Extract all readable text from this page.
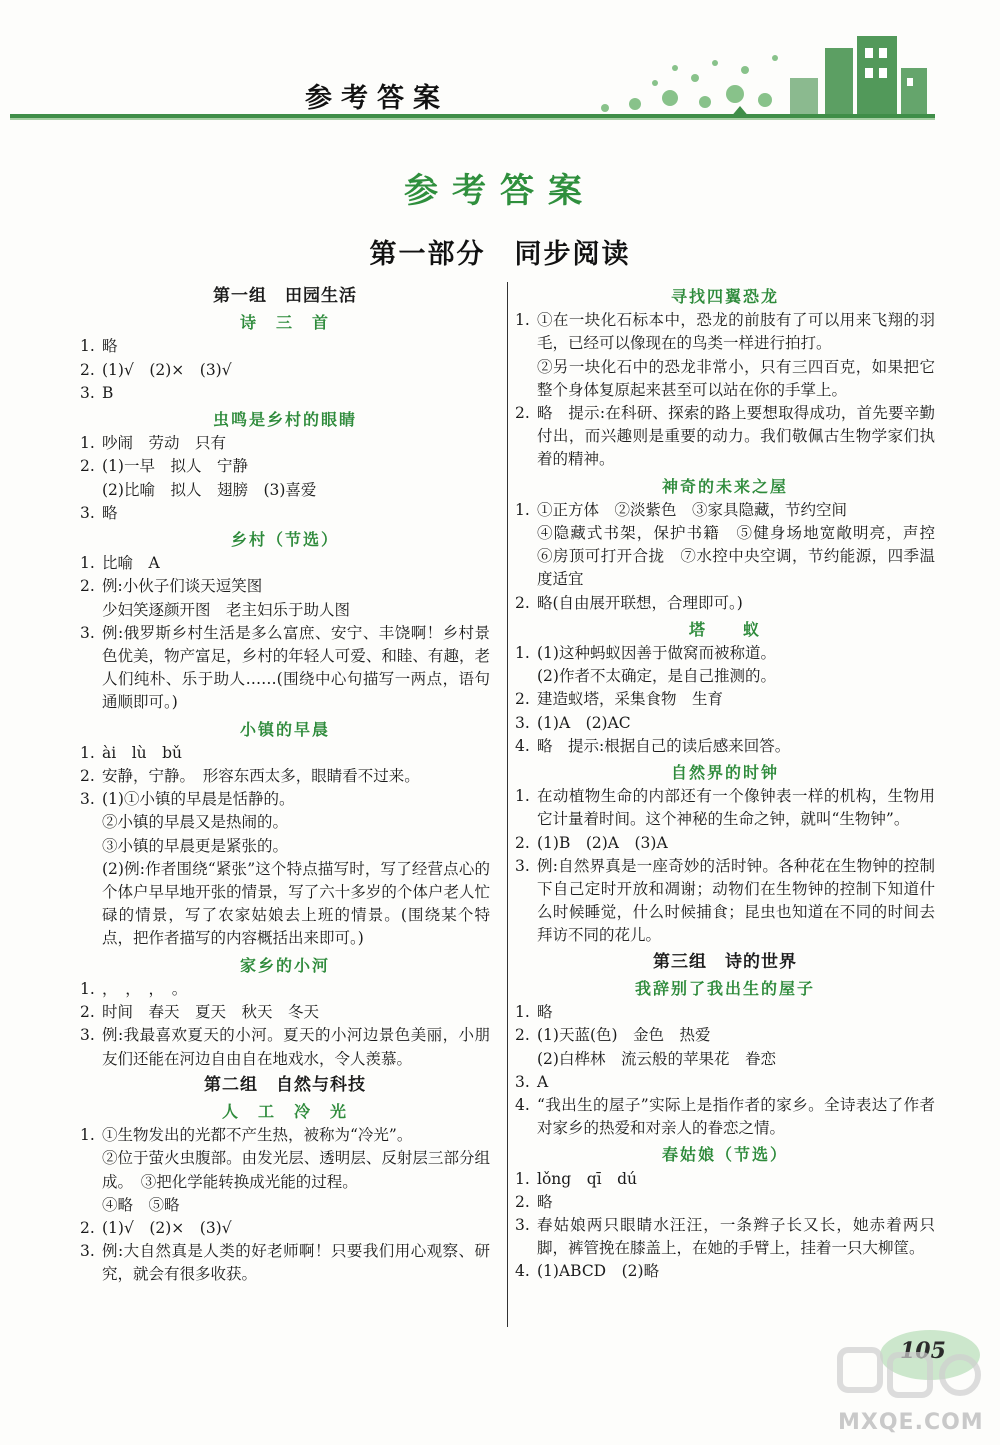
参考答案
参考答案
第一部分　同步阅读
第一组　田园生活
诗　三　首
1. 略
2. (1)√　(2)×　(3)√
3. B
虫鸣是乡村的眼睛
1. 吵闹　劳动　只有
2. (1)一早　拟人　宁静
(2)比喻　拟人　翅膀　(3)喜爱
3. 略
乡村（节选）
1. 比喻　A
2. 例:小伙子们谈天逗笑图
少妇笑逐颜开图　老主妇乐于助人图
3. 例:俄罗斯乡村生活是多么富庶、安宁、丰饶啊！乡村景色优美，物产富足，乡村的年轻人可爱、和睦、有趣，老人们纯朴、乐于助人……(围绕中心句描写一两点，语句通顺即可。)
小镇的早晨
1. ài　lù　bǔ
2. 安静，宁静。　形容东西太多，眼睛看不过来。
3. (1)①小镇的早晨是恬静的。
②小镇的早晨又是热闹的。
③小镇的早晨更是紧张的。
(2)例:作者围绕“紧张”这个特点描写时，写了经营点心的个体户早早地开张的情景，写了六十多岁的个体户老人忙碌的情景，写了农家姑娘去上班的情景。(围绕某个特点，把作者描写的内容概括出来即可。)
家乡的小河
1. ，　，　，　。
2. 时间　春天　夏天　秋天　冬天
3. 例:我最喜欢夏天的小河。夏天的小河边景色美丽，小朋友们还能在河边自由自在地戏水，令人羡慕。
第二组　自然与科技
人　工　冷　光
1. ①生物发出的光都不产生热，被称为“冷光”。
②位于萤火虫腹部。由发光层、透明层、反射层三部分组成。　③把化学能转换成光能的过程。
④略　⑤略
2. (1)√　(2)×　(3)√
3. 例:大自然真是人类的好老师啊！只要我们用心观察、研究，就会有很多收获。
寻找四翼恐龙
1. ①在一块化石标本中，恐龙的前肢有了可以用来飞翔的羽毛，已经可以像现在的鸟类一样进行拍打。
②另一块化石中的恐龙非常小，只有三四百克，如果把它整个身体复原起来甚至可以站在你的手掌上。
2. 略　提示:在科研、探索的路上要想取得成功，首先要辛勤付出，而兴趣则是重要的动力。我们敬佩古生物学家们执着的精神。
神奇的未来之屋
1. ①正方体　②淡紫色　③家具隐藏，节约空间
④隐藏式书架，保护书籍　⑤健身场地宽敞明亮，声控　⑥房顶可打开合拢　⑦水控中央空调，节约能源，四季温度适宜
2. 略(自由展开联想，合理即可。)
塔　　蚁
1. (1)这种蚂蚁因善于做窝而被称道。
(2)作者不太确定，是自己推测的。
2. 建造蚁塔，采集食物　生育
3. (1)A　(2)AC
4. 略　提示:根据自己的读后感来回答。
自然界的时钟
1. 在动植物生命的内部还有一个像钟表一样的机构，生物用它计量着时间。这个神秘的生命之钟，就叫“生物钟”。
2. (1)B　(2)A　(3)A
3. 例:自然界真是一座奇妙的活时钟。各种花在生物钟的控制下自己定时开放和凋谢；动物们在生物钟的控制下知道什么时候睡觉，什么时候捕食；昆虫也知道在不同的时间去拜访不同的花儿。
第三组　诗的世界
我辞别了我出生的屋子
1. 略
2. (1)天蓝(色)　金色　热爱
(2)白桦林　流云般的苹果花　眷恋
3. A
4. “我出生的屋子”实际上是指作者的家乡。全诗表达了作者对家乡的热爱和对亲人的眷恋之情。
春姑娘（节选）
1. lǒng　qī　dú
2. 略
3. 春姑娘两只眼睛水汪汪，一条辫子长又长，她赤着两只脚，裤管挽在膝盖上，在她的手臂上，挂着一只大柳筐。
4. (1)ABCD　(2)略
105
MXQE.COM
